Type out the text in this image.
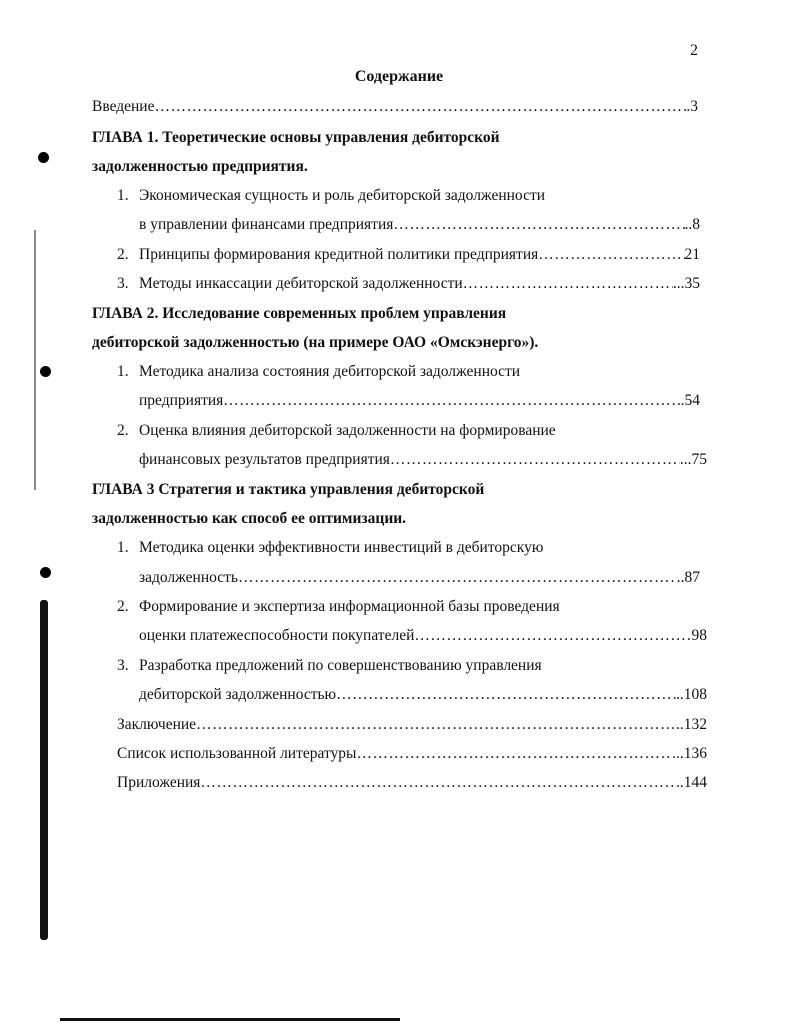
2
Содержание
Введение ……………………………………………………………………………………………………………………………………………………………………	.3
ГЛАВА 1. Теоретические основы управления дебиторской
задолженностью предприятия.
1. Экономическая сущность и роль дебиторской задолженности
в управлении финансами предприятия ……………………………………………………………………………………………………………………………………………………………………	..8
2. Принципы формирования кредитной политики предприятия ……………………………………………………………………………………………………………………………………………………………………	21
3. Методы инкассации дебиторской задолженности ……………………………………………………………………………………………………………………………………………………………………	...35
ГЛАВА 2. Исследование современных проблем управления
дебиторской задолженностью (на примере ОАО «Омскэнерго»).
1. Методика анализа состояния дебиторской задолженности
предприятия ……………………………………………………………………………………………………………………………………………………………………	.54
2. Оценка влияния дебиторской задолженности на формирование
финансовых результатов предприятия ……………………………………………………………………………………………………………………………………………………………………	...75
ГЛАВА 3 Стратегия и тактика управления дебиторской
задолженностью как способ ее оптимизации.
1. Методика оценки эффективности инвестиций в дебиторскую
задолженность ……………………………………………………………………………………………………………………………………………………………………	..87
2. Формирование и экспертиза информационной базы проведения
оценки платежеспособности покупателей ……………………………………………………………………………………………………………………………………………………………………	98
3. Разработка предложений по совершенствованию управления
дебиторской задолженностью ……………………………………………………………………………………………………………………………………………………………………	..108
Заключение ……………………………………………………………………………………………………………………………………………………………………	..132
Список использованной литературы ……………………………………………………………………………………………………………………………………………………………………	...136
Приложения ……………………………………………………………………………………………………………………………………………………………………	..144
